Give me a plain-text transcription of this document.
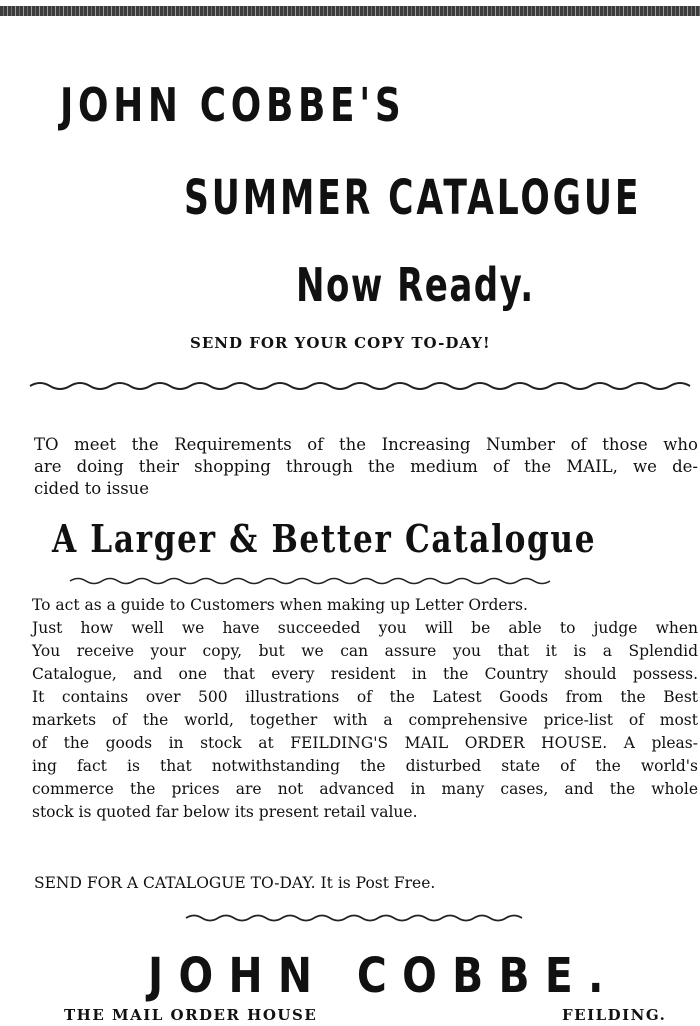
JOHN COBBE'S
SUMMER CATALOGUE
Now Ready.
SEND FOR YOUR COPY TO-DAY!
TO meet the Requirements of the Increasing Number of those who
are doing their shopping through the medium of the MAIL, we de-
cided to issue
A Larger & Better Catalogue
To act as a guide to Customers when making up Letter Orders.
Just how well we have succeeded you will be able to judge when
You receive your copy, but we can assure you that it is a Splendid
Catalogue, and one that every resident in the Country should possess.
It contains over 500 illustrations of the Latest Goods from the Best
markets of the world, together with a comprehensive price-list of most
of the goods in stock at FEILDING'S MAIL ORDER HOUSE. A pleas-
ing fact is that notwithstanding the disturbed state of the world's
commerce the prices are not advanced in many cases, and the whole
stock is quoted far below its present retail value.
SEND FOR A CATALOGUE TO-DAY. It is Post Free.
JOHN COBBE.
THE MAIL ORDER HOUSE	FEILDING.
